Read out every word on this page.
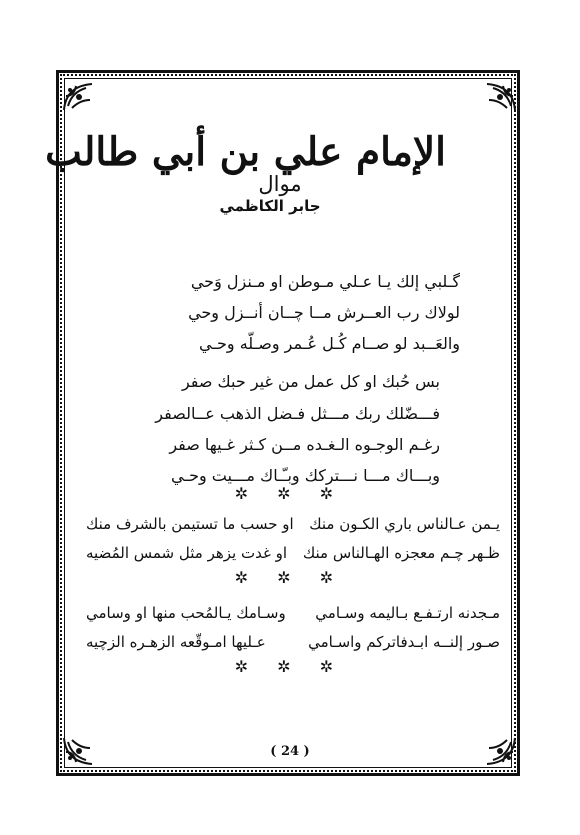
الإمام علي بن أبي طالب
موال
جابر الكاظمي
گـلبي إلك يـا عـلي مـوطن او مـنزل وَحي
لولاك رب العــرش مــا چــان أنــزل وحي
والعَــبد لو صــام كُـل عُـمر وصـلّه وحـي
بس حُبك او كل عمل من غير حبك صفر
فـــضّلك ربك مـــثل فـضل الذهب عــالصفر
رغـم الوجـوه الـغـده مــن كـثر غـيها صفر
وبـــاك مـــا نـــتركك وبـّـاك مـــيت وحـي
✲ ✲ ✲
يـمن عـالناس باري الكـون منك
او حسب ما تستيمن بالشرف منك
ظـهر چـم معجزه الهـالناس منك
او غدت يزهر مثل شمس المُضيه
✲ ✲ ✲
مـجدنه ارتـفـع بـاليمه وسـامي
وسـامك يـالمُحب منها او وسامي
صـور إلنــه ابـدفاتركم واسـامي
عـليها امـوقّعه الزهـره الزچيه
✲ ✲ ✲
( 24 )
